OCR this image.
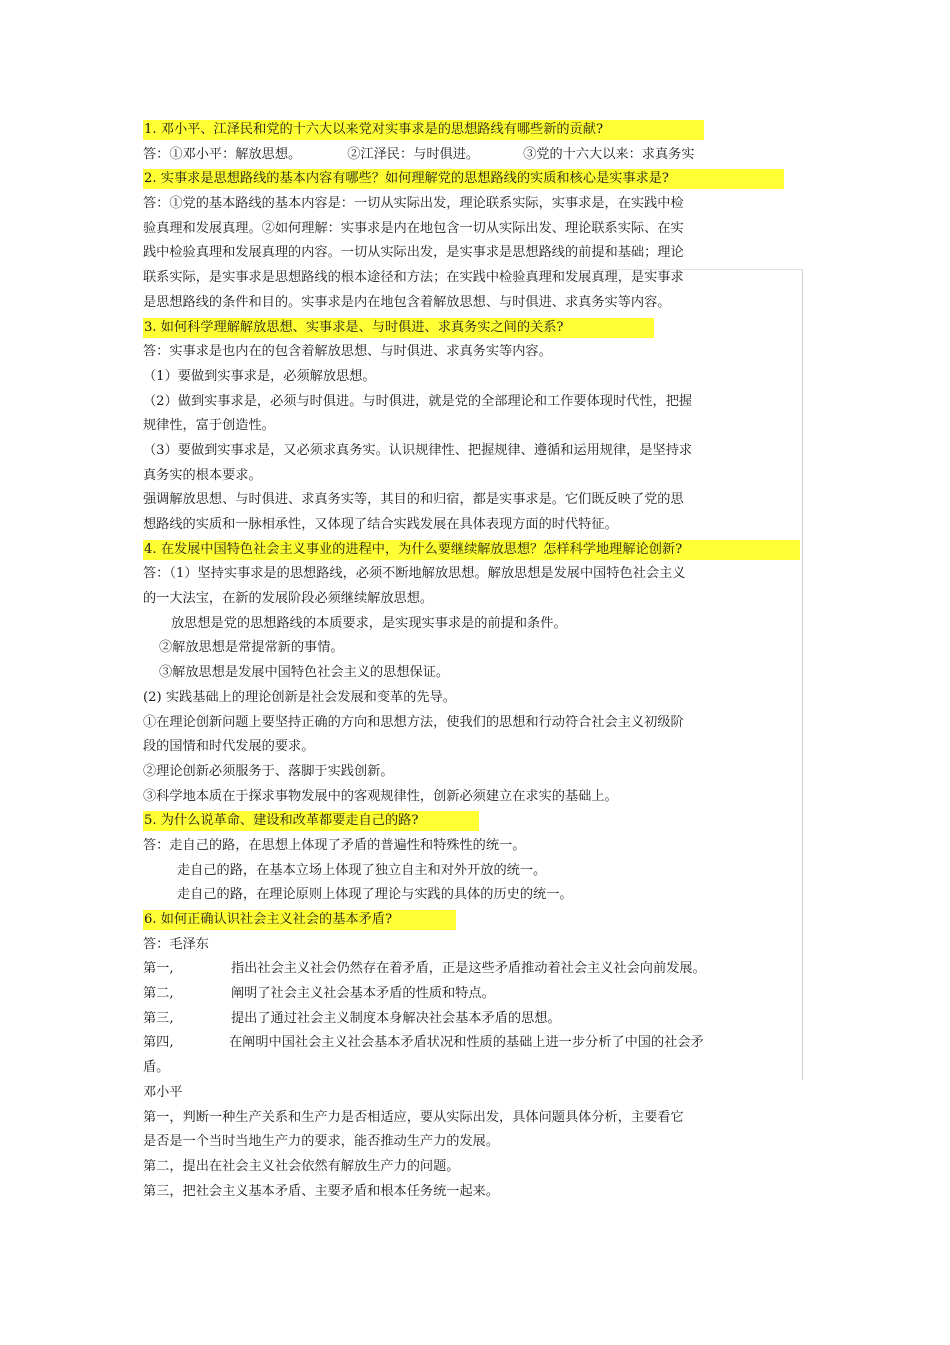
1. 邓小平、江泽民和党的十六大以来党对实事求是的思想路线有哪些新的贡献?
答：①邓小平：解放思想。	②江泽民：与时俱进。	③党的十六大以来：求真务实
2. 实事求是思想路线的基本内容有哪些？如何理解党的思想路线的实质和核心是实事求是?
答：①党的基本路线的基本内容是：一切从实际出发，理论联系实际，实事求是，在实践中检
验真理和发展真理。②如何理解：实事求是内在地包含一切从实际出发、理论联系实际、在实
践中检验真理和发展真理的内容。一切从实际出发，是实事求是思想路线的前提和基础；理论
联系实际，是实事求是思想路线的根本途径和方法；在实践中检验真理和发展真理，是实事求
是思想路线的条件和目的。实事求是内在地包含着解放思想、与时俱进、求真务实等内容。
3. 如何科学理解解放思想、实事求是、与时俱进、求真务实之间的关系?
答：实事求是也内在的包含着解放思想、与时俱进、求真务实等内容。
（1）要做到实事求是，必须解放思想。
（2）做到实事求是，必须与时俱进。与时俱进，就是党的全部理论和工作要体现时代性，把握
规律性，富于创造性。
（3）要做到实事求是，又必须求真务实。认识规律性、把握规律、遵循和运用规律，是坚持求
真务实的根本要求。
强调解放思想、与时俱进、求真务实等，其目的和归宿，都是实事求是。它们既反映了党的思
想路线的实质和一脉相承性，又体现了结合实践发展在具体表现方面的时代特征。
4. 在发展中国特色社会主义事业的进程中，为什么要继续解放思想？怎样科学地理解论创新?
答：（1）坚持实事求是的思想路线，必须不断地解放思想。解放思想是发展中国特色社会主义
的一大法宝，在新的发展阶段必须继续解放思想。
放思想是党的思想路线的本质要求，是实现实事求是的前提和条件。
②解放思想是常提常新的事情。
③解放思想是发展中国特色社会主义的思想保证。
(2) 实践基础上的理论创新是社会发展和变革的先导。
①在理论创新问题上要坚持正确的方向和思想方法，使我们的思想和行动符合社会主义初级阶
段的国情和时代发展的要求。
②理论创新必须服务于、落脚于实践创新。
③科学地本质在于探求事物发展中的客观规律性，创新必须建立在求实的基础上。
5. 为什么说革命、建设和改革都要走自己的路?
答：走自己的路，在思想上体现了矛盾的普遍性和特殊性的统一。
走自己的路，在基本立场上体现了独立自主和对外开放的统一。
走自己的路，在理论原则上体现了理论与实践的具体的历史的统一。
6. 如何正确认识社会主义社会的基本矛盾?
答：毛泽东
第一,	指出社会主义社会仍然存在着矛盾，正是这些矛盾推动着社会主义社会向前发展。
第二,	阐明了社会主义社会基本矛盾的性质和特点。
第三,	提出了通过社会主义制度本身解决社会基本矛盾的思想。
第四,	在阐明中国社会主义社会基本矛盾状况和性质的基础上进一步分析了中国的社会矛
盾。
邓小平
第一，判断一种生产关系和生产力是否相适应，要从实际出发，具体问题具体分析，主要看它
是否是一个当时当地生产力的要求，能否推动生产力的发展。
第二，提出在社会主义社会依然有解放生产力的问题。
第三，把社会主义基本矛盾、主要矛盾和根本任务统一起来。
